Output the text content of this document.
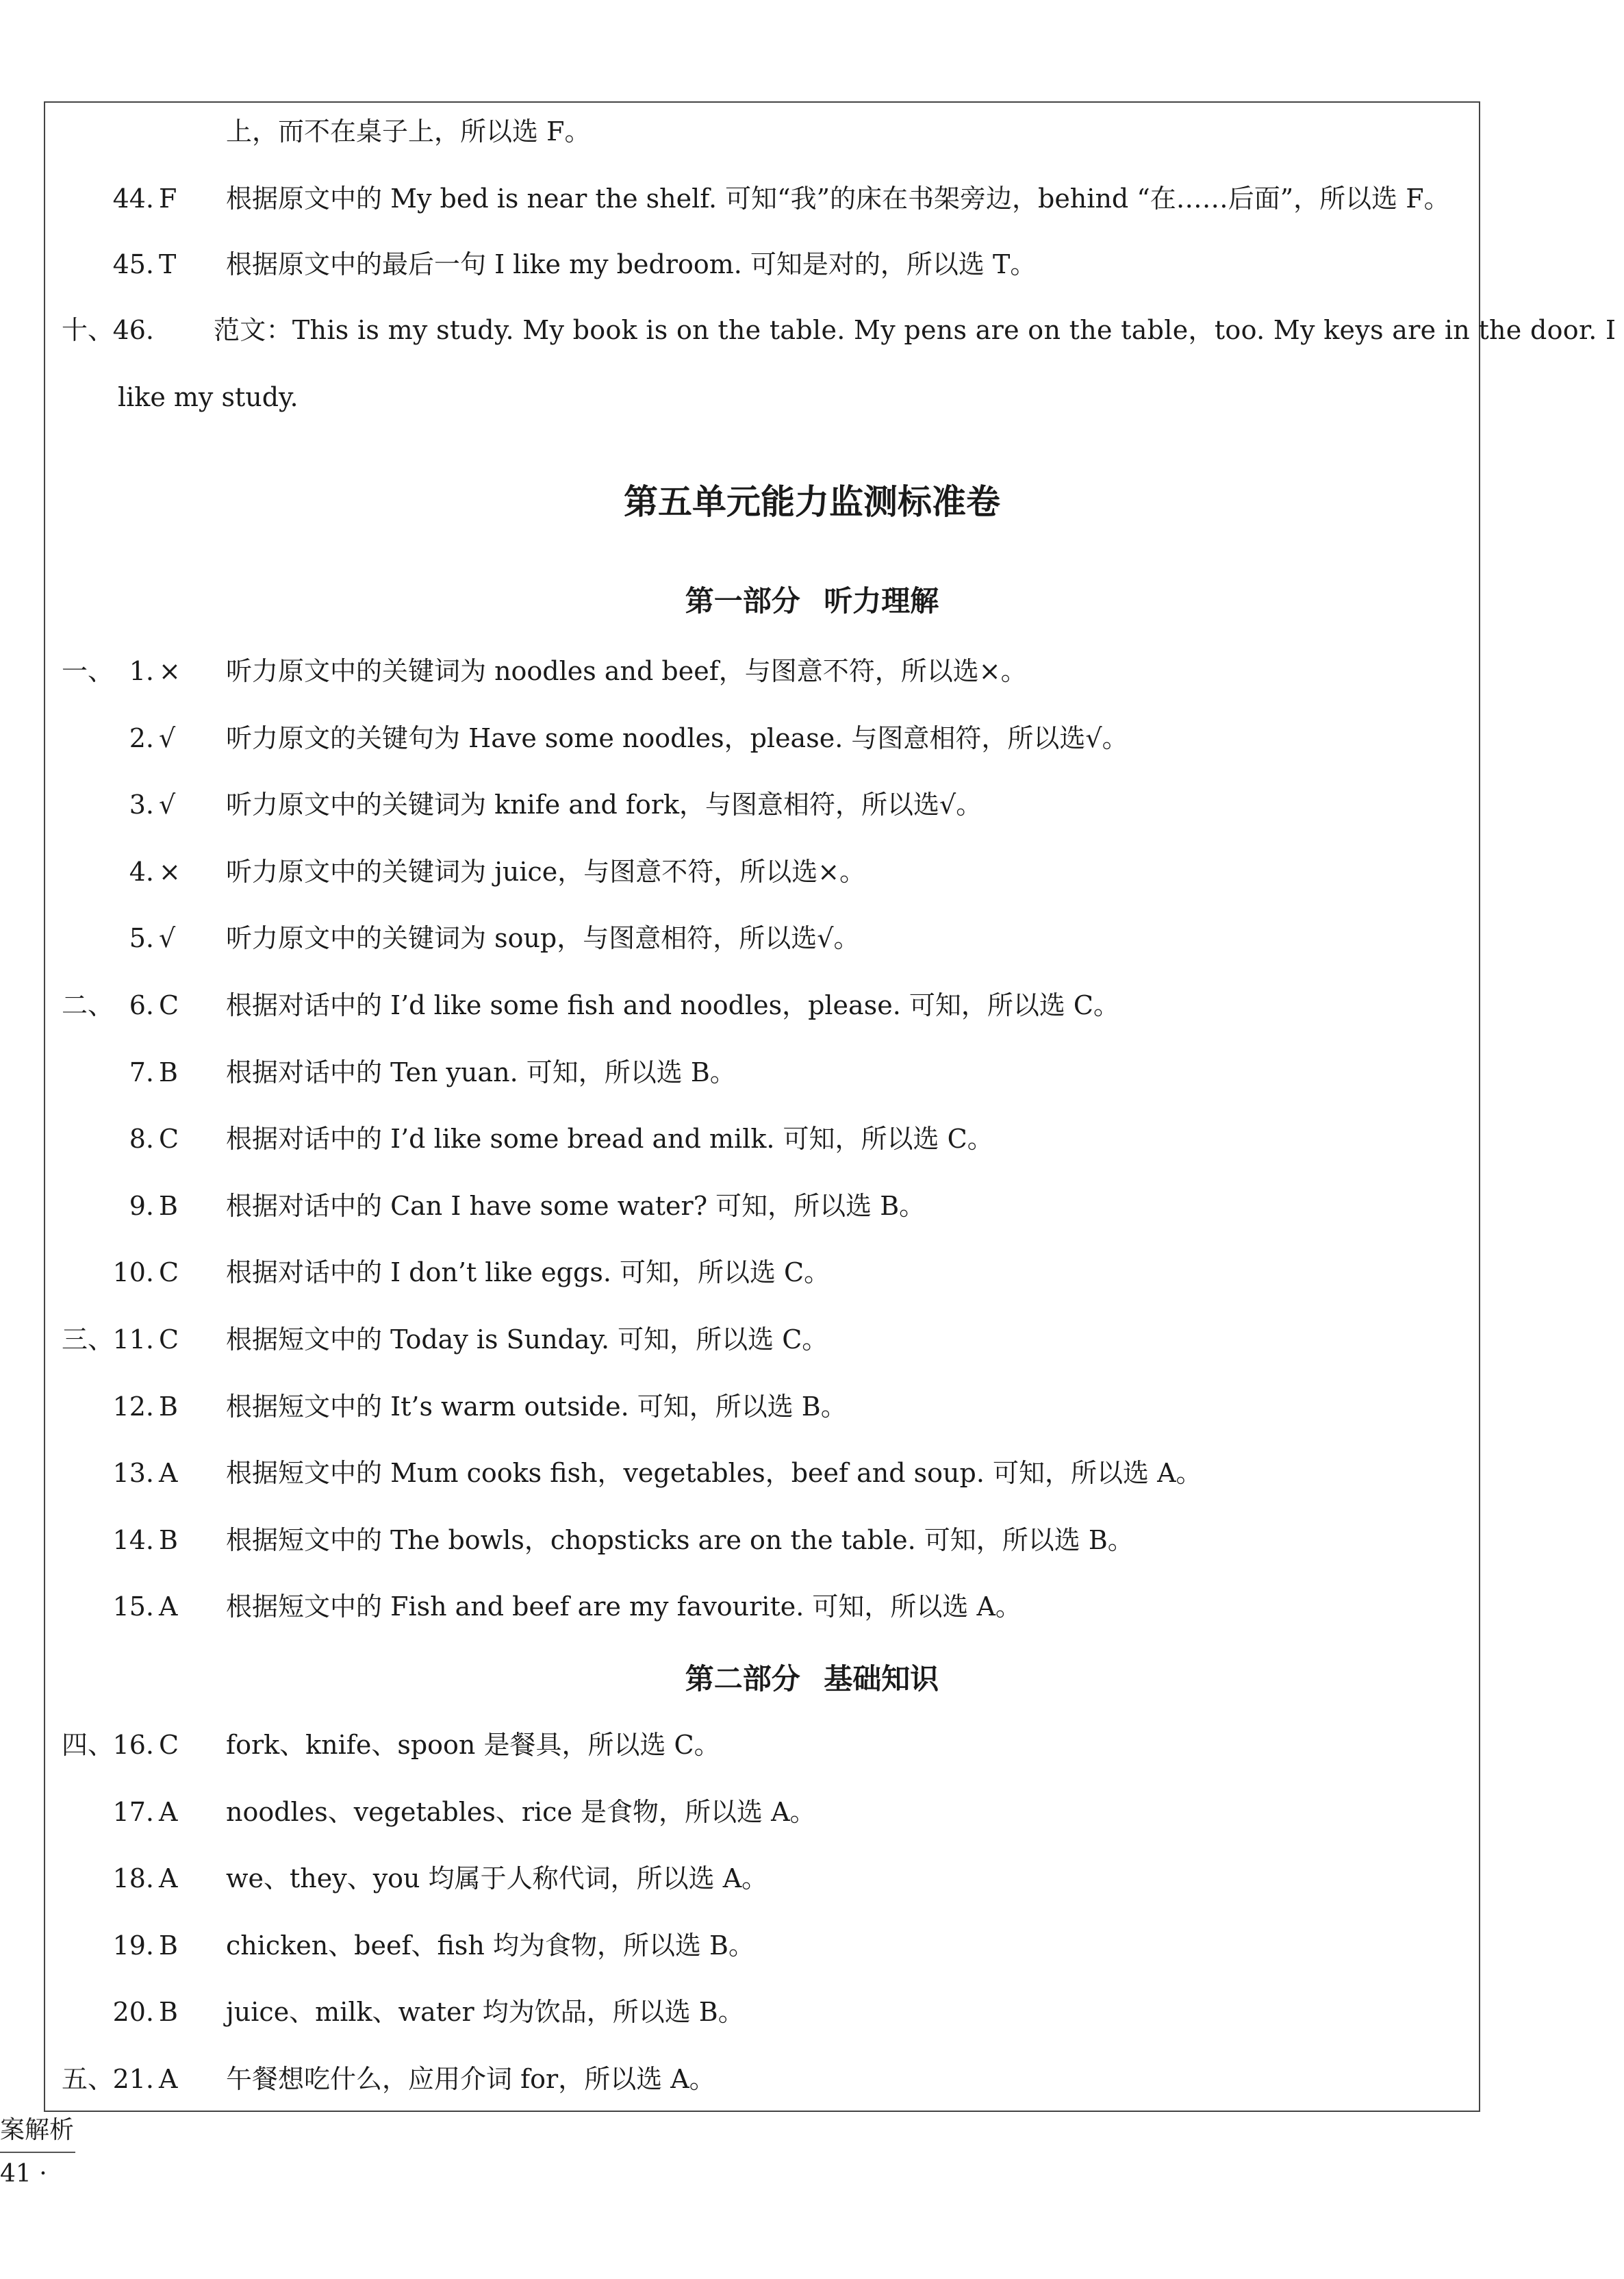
上，而不在桌子上，所以选 F。
44. F 根据原文中的 My bed is near the shelf. 可知“我”的床在书架旁边，behind “在……后面”，所以选 F。
45. T 根据原文中的最后一句 I like my bedroom. 可知是对的，所以选 T。
十、
46. 范文：This is my study. My book is on the table. My pens are on the table，too. My keys are in the door. I
like my study.
一、 1. × 听力原文中的关键词为 noodles and beef，与图意不符，所以选×。
2. √ 听力原文的关键句为 Have some noodles，please. 与图意相符，所以选√。
3. √ 听力原文中的关键词为 knife and fork，与图意相符，所以选√。
4. × 听力原文中的关键词为 juice，与图意不符，所以选×。
5. √ 听力原文中的关键词为 soup，与图意相符，所以选√。
二、 6. C 根据对话中的 I’d like some fish and noodles，please. 可知，所以选 C。
7. B 根据对话中的 Ten yuan. 可知，所以选 B。
8. C 根据对话中的 I’d like some bread and milk. 可知，所以选 C。
9. B 根据对话中的 Can I have some water? 可知，所以选 B。
10. C 根据对话中的 I don’t like eggs. 可知，所以选 C。
三、
11. C 根据短文中的 Today is Sunday. 可知，所以选 C。
12. B 根据短文中的 It’s warm outside. 可知，所以选 B。
13. A 根据短文中的 Mum cooks fish，vegetables，beef and soup. 可知，所以选 A。
14. B 根据短文中的 The bowls，chopsticks are on the table. 可知，所以选 B。
15. A 根据短文中的 Fish and beef are my favourite. 可知，所以选 A。
四、
16. C fork、knife、spoon 是餐具，所以选 C。
17. A noodles、vegetables、rice 是食物，所以选 A。
18. A we、they、you 均属于人称代词，所以选 A。
19. B chicken、beef、fish 均为食物，所以选 B。
20. B juice、milk、water 均为饮品，所以选 B。
五、
21. A 午餐想吃什么，应用介词 for，所以选 A。
第五单元能力监测标准卷
第一部分 听力理解
第二部分 基础知识
案解析
41 ·
